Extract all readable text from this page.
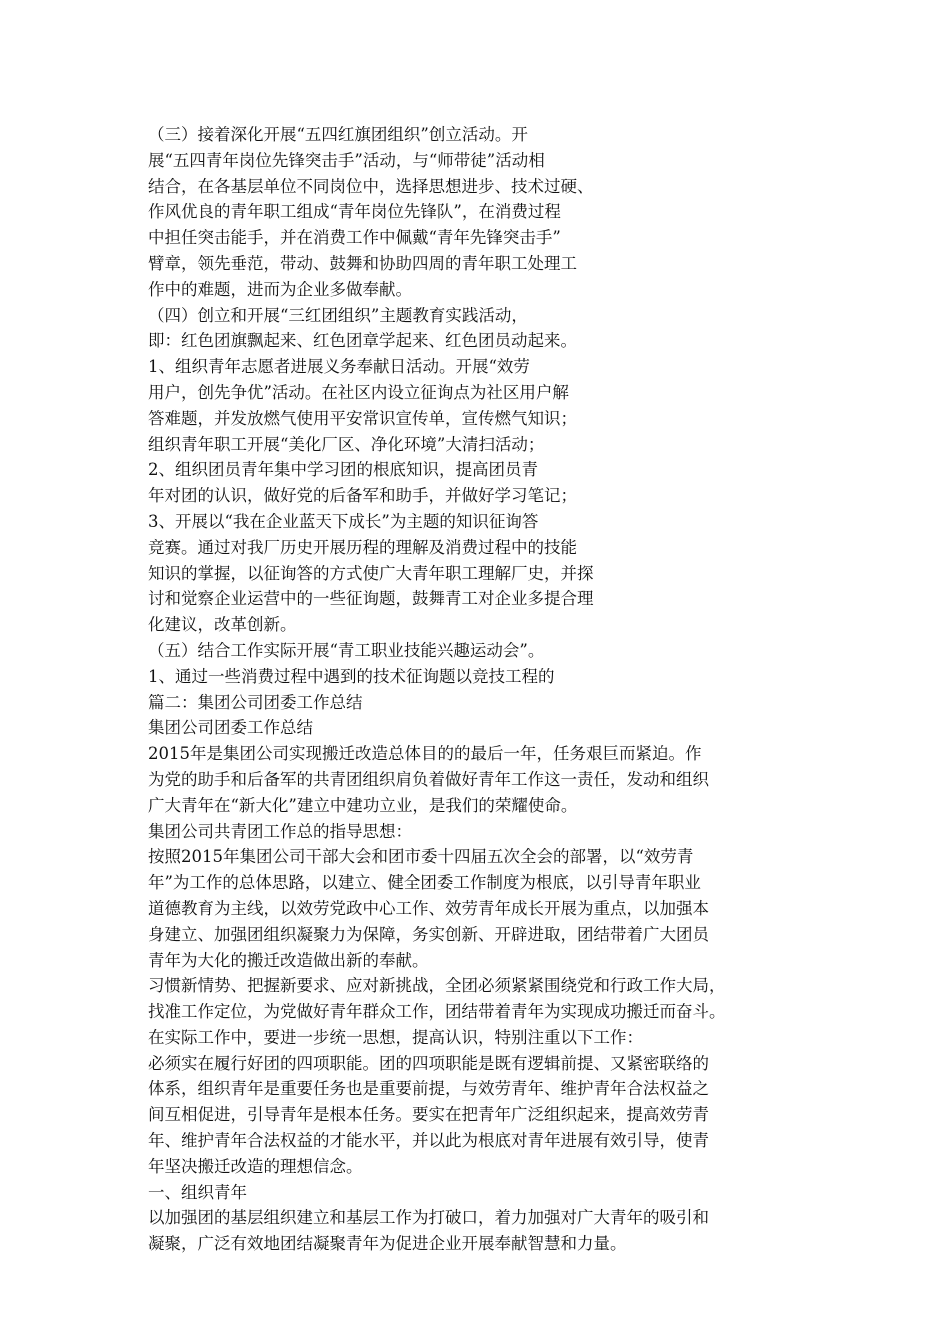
（三）接着深化开展“五四红旗团组织”创立活动。开
展“五四青年岗位先锋突击手”活动，与“师带徒”活动相
结合，在各基层单位不同岗位中，选择思想进步、技术过硬、
作风优良的青年职工组成“青年岗位先锋队”，在消费过程
中担任突击能手，并在消费工作中佩戴“青年先锋突击手”
臂章，领先垂范，带动、鼓舞和协助四周的青年职工处理工
作中的难题，进而为企业多做奉献。
（四）创立和开展“三红团组织”主题教育实践活动，
即：红色团旗飘起来、红色团章学起来、红色团员动起来。
1、组织青年志愿者进展义务奉献日活动。开展“效劳
用户，创先争优”活动。在社区内设立征询点为社区用户解
答难题，并发放燃气使用平安常识宣传单，宣传燃气知识；
组织青年职工开展“美化厂区、净化环境”大清扫活动；
2、组织团员青年集中学习团的根底知识，提高团员青
年对团的认识，做好党的后备军和助手，并做好学习笔记；
3、开展以“我在企业蓝天下成长”为主题的知识征询答
竞赛。通过对我厂历史开展历程的理解及消费过程中的技能
知识的掌握，以征询答的方式使广大青年职工理解厂史，并探
讨和觉察企业运营中的一些征询题，鼓舞青工对企业多提合理
化建议，改革创新。
（五）结合工作实际开展“青工职业技能兴趣运动会”。
1、通过一些消费过程中遇到的技术征询题以竞技工程的
篇二：集团公司团委工作总结
集团公司团委工作总结
2015年是集团公司实现搬迁改造总体目的的最后一年，任务艰巨而紧迫。作
为党的助手和后备军的共青团组织肩负着做好青年工作这一责任，发动和组织
广大青年在“新大化”建立中建功立业，是我们的荣耀使命。
集团公司共青团工作总的指导思想：
按照2015年集团公司干部大会和团市委十四届五次全会的部署，以“效劳青
年”为工作的总体思路，以建立、健全团委工作制度为根底，以引导青年职业
道德教育为主线，以效劳党政中心工作、效劳青年成长开展为重点，以加强本
身建立、加强团组织凝聚力为保障，务实创新、开辟进取，团结带着广大团员
青年为大化的搬迁改造做出新的奉献。
习惯新情势、把握新要求、应对新挑战，全团必须紧紧围绕党和行政工作大局，
找准工作定位，为党做好青年群众工作，团结带着青年为实现成功搬迁而奋斗。
在实际工作中，要进一步统一思想，提高认识，特别注重以下工作：
必须实在履行好团的四项职能。团的四项职能是既有逻辑前提、又紧密联络的
体系，组织青年是重要任务也是重要前提，与效劳青年、维护青年合法权益之
间互相促进，引导青年是根本任务。要实在把青年广泛组织起来，提高效劳青
年、维护青年合法权益的才能水平，并以此为根底对青年进展有效引导，使青
年坚决搬迁改造的理想信念。
一、组织青年
以加强团的基层组织建立和基层工作为打破口，着力加强对广大青年的吸引和
凝聚，广泛有效地团结凝聚青年为促进企业开展奉献智慧和力量。
